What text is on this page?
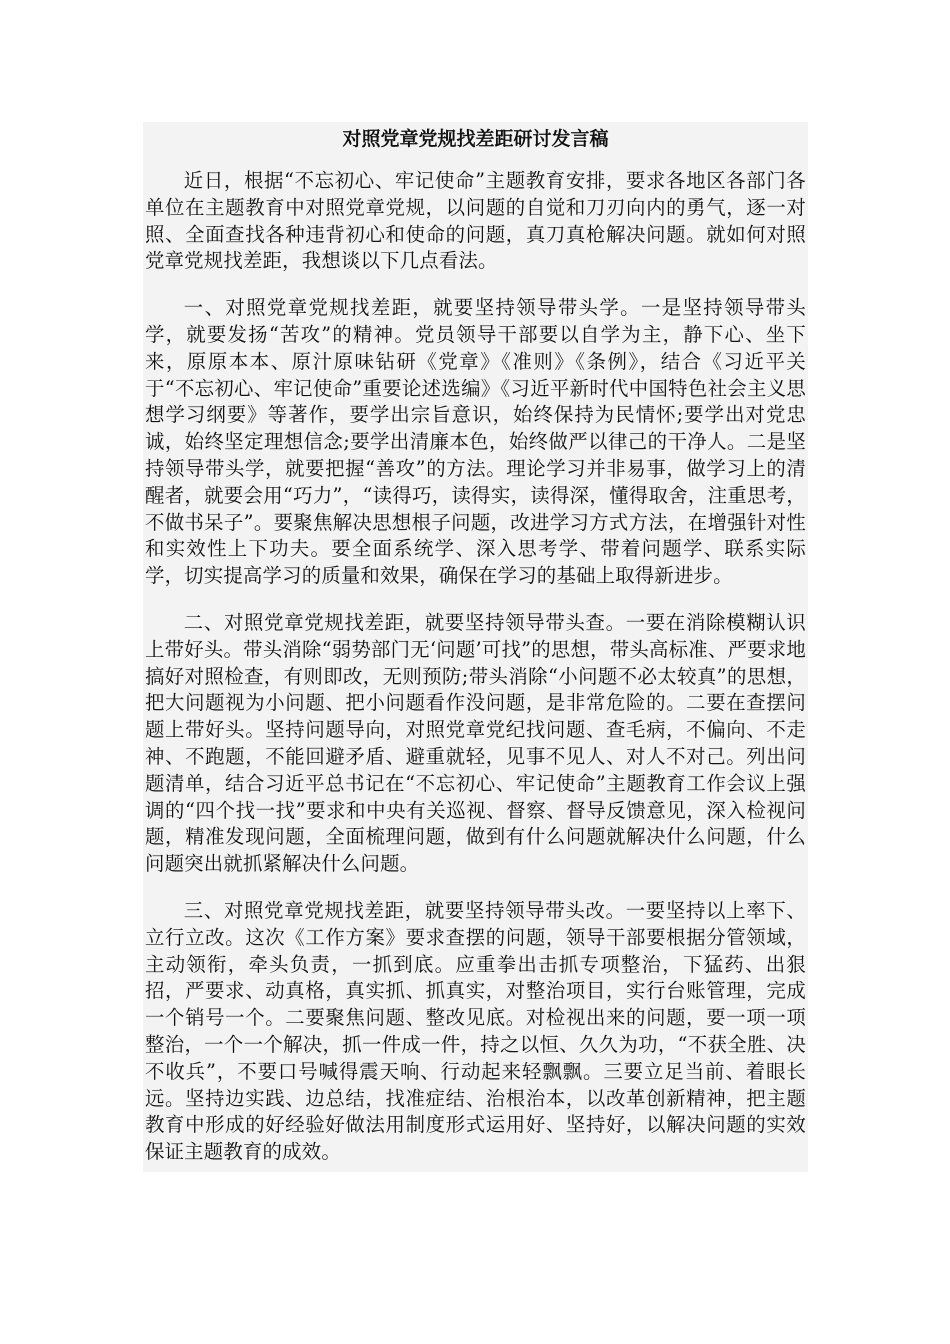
对照党章党规找差距研讨发言稿

近日，根据“不忘初心、牢记使命”主题教育安排，要求各地区各部门各单位在主题教育中对照党章党规，以问题的自觉和刀刃向内的勇气，逐一对照、全面查找各种违背初心和使命的问题，真刀真枪解决问题。就如何对照党章党规找差距，我想谈以下几点看法。

一、对照党章党规找差距，就要坚持领导带头学。一是坚持领导带头学，就要发扬“苦攻”的精神。党员领导干部要以自学为主，静下心、坐下来，原原本本、原汁原味钻研《党章》《准则》《条例》，结合《习近平关于“不忘初心、牢记使命”重要论述选编》《习近平新时代中国特色社会主义思想学习纲要》等著作，要学出宗旨意识，始终保持为民情怀;要学出对党忠诚，始终坚定理想信念;要学出清廉本色，始终做严以律己的干净人。二是坚持领导带头学，就要把握“善攻”的方法。理论学习并非易事，做学习上的清醒者，就要会用“巧力”，“读得巧，读得实，读得深，懂得取舍，注重思考，不做书呆子”。要聚焦解决思想根子问题，改进学习方式方法，在增强针对性和实效性上下功夫。要全面系统学、深入思考学、带着问题学、联系实际学，切实提高学习的质量和效果，确保在学习的基础上取得新进步。

二、对照党章党规找差距，就要坚持领导带头查。一要在消除模糊认识上带好头。带头消除“弱势部门无‘问题’可找”的思想，带头高标准、严要求地搞好对照检查，有则即改，无则预防;带头消除“小问题不必太较真”的思想，把大问题视为小问题、把小问题看作没问题，是非常危险的。二要在查摆问题上带好头。坚持问题导向，对照党章党纪找问题、查毛病，不偏向、不走神、不跑题，不能回避矛盾、避重就轻，见事不见人、对人不对己。列出问题清单，结合习近平总书记在“不忘初心、牢记使命”主题教育工作会议上强调的“四个找一找”要求和中央有关巡视、督察、督导反馈意见，深入检视问题，精准发现问题，全面梳理问题，做到有什么问题就解决什么问题，什么问题突出就抓紧解决什么问题。

三、对照党章党规找差距，就要坚持领导带头改。一要坚持以上率下、立行立改。这次《工作方案》要求查摆的问题，领导干部要根据分管领域，主动领衔，牵头负责，一抓到底。应重拳出击抓专项整治，下猛药、出狠招，严要求、动真格，真实抓、抓真实，对整治项目，实行台账管理，完成一个销号一个。二要聚焦问题、整改见底。对检视出来的问题，要一项一项整治，一个一个解决，抓一件成一件，持之以恒、久久为功，“不获全胜、决不收兵”，不要口号喊得震天响、行动起来轻飘飘。三要立足当前、着眼长远。坚持边实践、边总结，找准症结、治根治本，以改革创新精神，把主题教育中形成的好经验好做法用制度形式运用好、坚持好，以解决问题的实效保证主题教育的成效。
